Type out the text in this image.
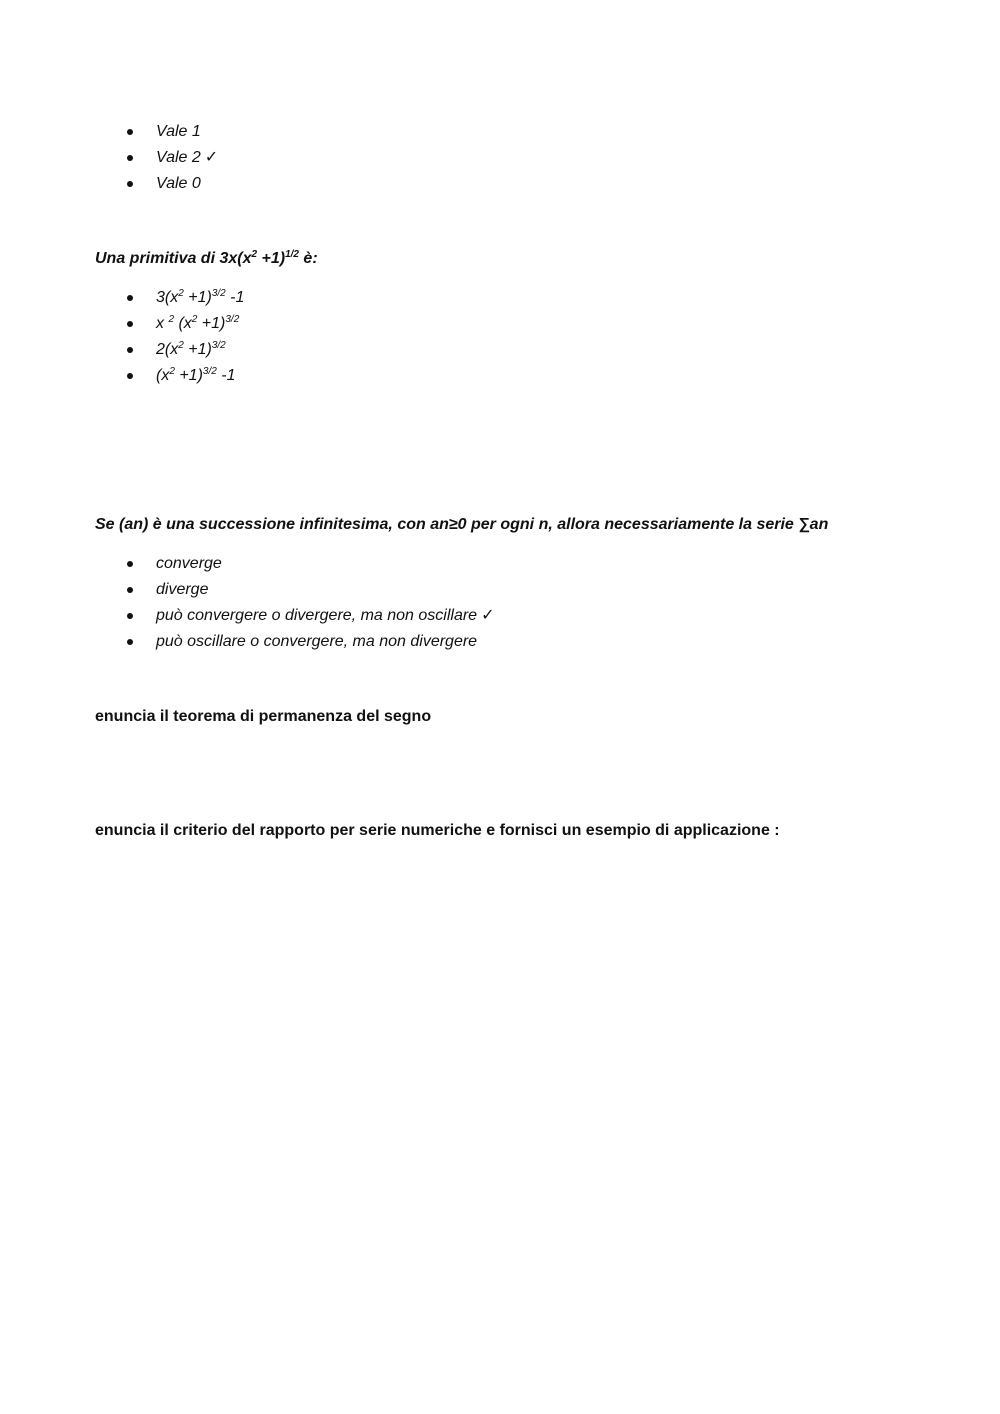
Vale 1
Vale 2 ✓
Vale 0

Una primitiva di $3x(x^2 +1)^{1/2}$ è:

$3(x^2 +1)^{3/2}$ -1
x $^2$ $(x^2 +1)^{3/2}$
$2(x^2 +1)^{3/2}$
$(x^2 +1)^{3/2}$ -1

Se (an) è una successione infinitesima, con an≥0 per ogni n, allora necessariamente la serie ∑an

converge
diverge
può convergere o divergere, ma non oscillare ✓
può oscillare o convergere, ma non divergere

enuncia il teorema di permanenza del segno

enuncia il criterio del rapporto per serie numeriche e fornisci un esempio di applicazione :
